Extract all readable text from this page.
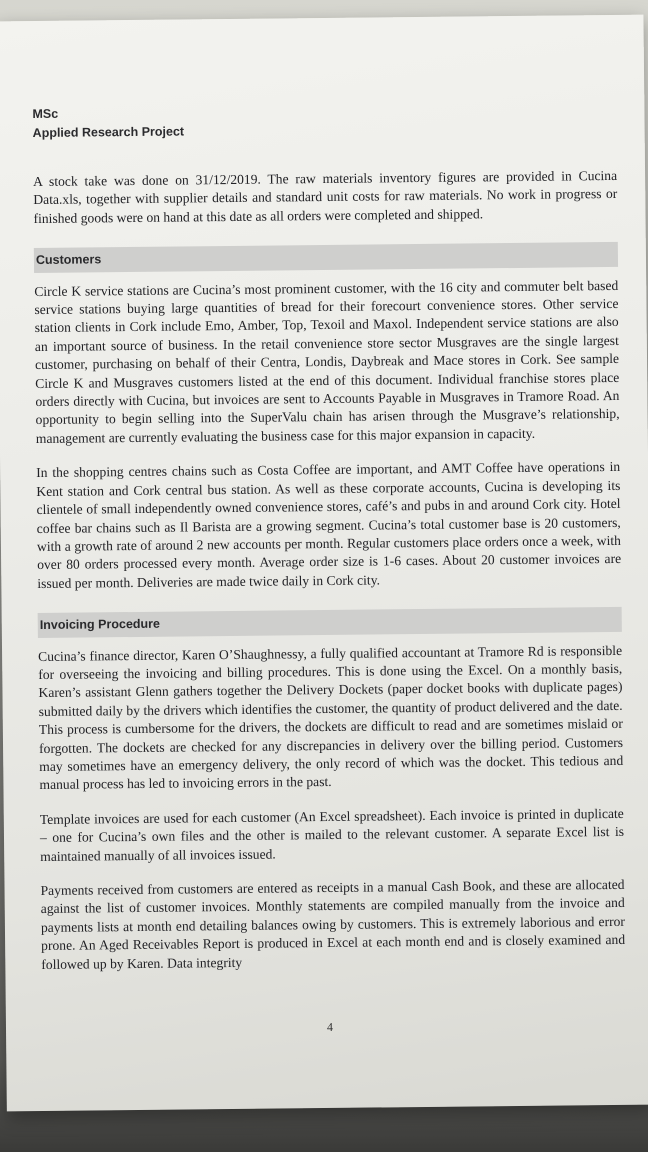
MSc
Applied Research Project

A stock take was done on 31/12/2019. The raw materials inventory figures are provided in Cucina Data.xls, together with supplier details and standard unit costs for raw materials. No work in progress or finished goods were on hand at this date as all orders were completed and shipped.

Customers

Circle K service stations are Cucina’s most prominent customer, with the 16 city and commuter belt based service stations buying large quantities of bread for their forecourt convenience stores. Other service station clients in Cork include Emo, Amber, Top, Texoil and Maxol. Independent service stations are also an important source of business. In the retail convenience store sector Musgraves are the single largest customer, purchasing on behalf of their Centra, Londis, Daybreak and Mace stores in Cork. See sample Circle K and Musgraves customers listed at the end of this document. Individual franchise stores place orders directly with Cucina, but invoices are sent to Accounts Payable in Musgraves in Tramore Road. An opportunity to begin selling into the SuperValu chain has arisen through the Musgrave’s relationship, management are currently evaluating the business case for this major expansion in capacity.

In the shopping centres chains such as Costa Coffee are important, and AMT Coffee have operations in Kent station and Cork central bus station. As well as these corporate accounts, Cucina is developing its clientele of small independently owned convenience stores, café’s and pubs in and around Cork city. Hotel coffee bar chains such as Il Barista are a growing segment. Cucina’s total customer base is 20 customers, with a growth rate of around 2 new accounts per month. Regular customers place orders once a week, with over 80 orders processed every month. Average order size is 1-6 cases. About 20 customer invoices are issued per month. Deliveries are made twice daily in Cork city.

Invoicing Procedure

Cucina’s finance director, Karen O’Shaughnessy, a fully qualified accountant at Tramore Rd is responsible for overseeing the invoicing and billing procedures. This is done using the Excel. On a monthly basis, Karen’s assistant Glenn gathers together the Delivery Dockets (paper docket books with duplicate pages) submitted daily by the drivers which identifies the customer, the quantity of product delivered and the date. This process is cumbersome for the drivers, the dockets are difficult to read and are sometimes mislaid or forgotten. The dockets are checked for any discrepancies in delivery over the billing period. Customers may sometimes have an emergency delivery, the only record of which was the docket. This tedious and manual process has led to invoicing errors in the past.

Template invoices are used for each customer (An Excel spreadsheet). Each invoice is printed in duplicate – one for Cucina’s own files and the other is mailed to the relevant customer. A separate Excel list is maintained manually of all invoices issued.

Payments received from customers are entered as receipts in a manual Cash Book, and these are allocated against the list of customer invoices. Monthly statements are compiled manually from the invoice and payments lists at month end detailing balances owing by customers. This is extremely laborious and error prone. An Aged Receivables Report is produced in Excel at each month end and is closely examined and followed up by Karen. Data integrity

4
